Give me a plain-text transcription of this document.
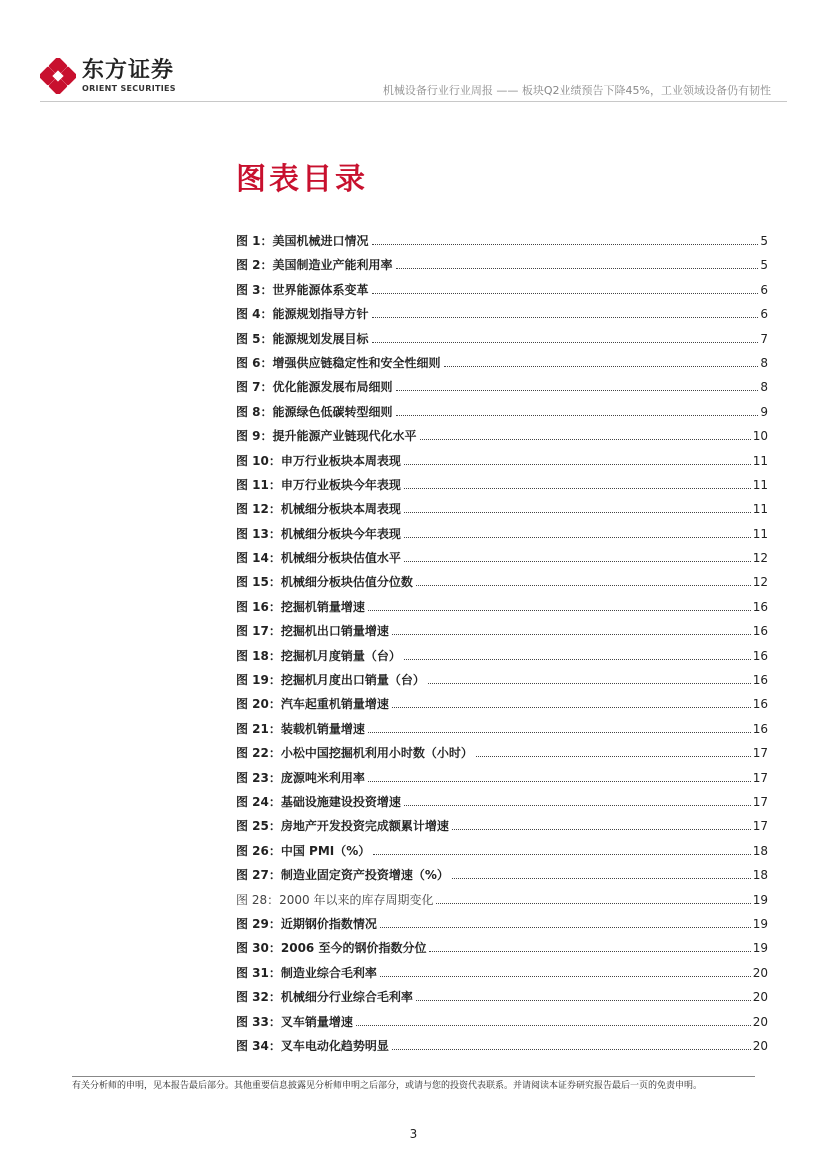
东方证券
ORIENT SECURITIES	机械设备行业行业周报 —— 板块Q2业绩预告下降45%，工业领域设备仍有韧性
图表目录
图 1：美国机械进口情况	5
图 2：美国制造业产能利用率	5
图 3：世界能源体系变革	6
图 4：能源规划指导方针	6
图 5：能源规划发展目标	7
图 6：增强供应链稳定性和安全性细则	8
图 7：优化能源发展布局细则	8
图 8：能源绿色低碳转型细则	9
图 9：提升能源产业链现代化水平	10
图 10：申万行业板块本周表现	11
图 11：申万行业板块今年表现	11
图 12：机械细分板块本周表现	11
图 13：机械细分板块今年表现	11
图 14：机械细分板块估值水平	12
图 15：机械细分板块估值分位数	12
图 16：挖掘机销量增速	16
图 17：挖掘机出口销量增速	16
图 18：挖掘机月度销量（台）	16
图 19：挖掘机月度出口销量（台）	16
图 20：汽车起重机销量增速	16
图 21：装载机销量增速	16
图 22：小松中国挖掘机利用小时数（小时）	17
图 23：庞源吨米利用率	17
图 24：基础设施建设投资增速	17
图 25：房地产开发投资完成额累计增速	17
图 26：中国 PMI（%）	18
图 27：制造业固定资产投资增速（%）	18
图 28：2000 年以来的库存周期变化	19
图 29：近期钢价指数情况	19
图 30：2006 至今的钢价指数分位	19
图 31：制造业综合毛利率	20
图 32：机械细分行业综合毛利率	20
图 33：叉车销量增速	20
图 34：叉车电动化趋势明显	20
有关分析师的申明，见本报告最后部分。其他重要信息披露见分析师申明之后部分，或请与您的投资代表联系。并请阅读本证券研究报告最后一页的免责申明。
3
